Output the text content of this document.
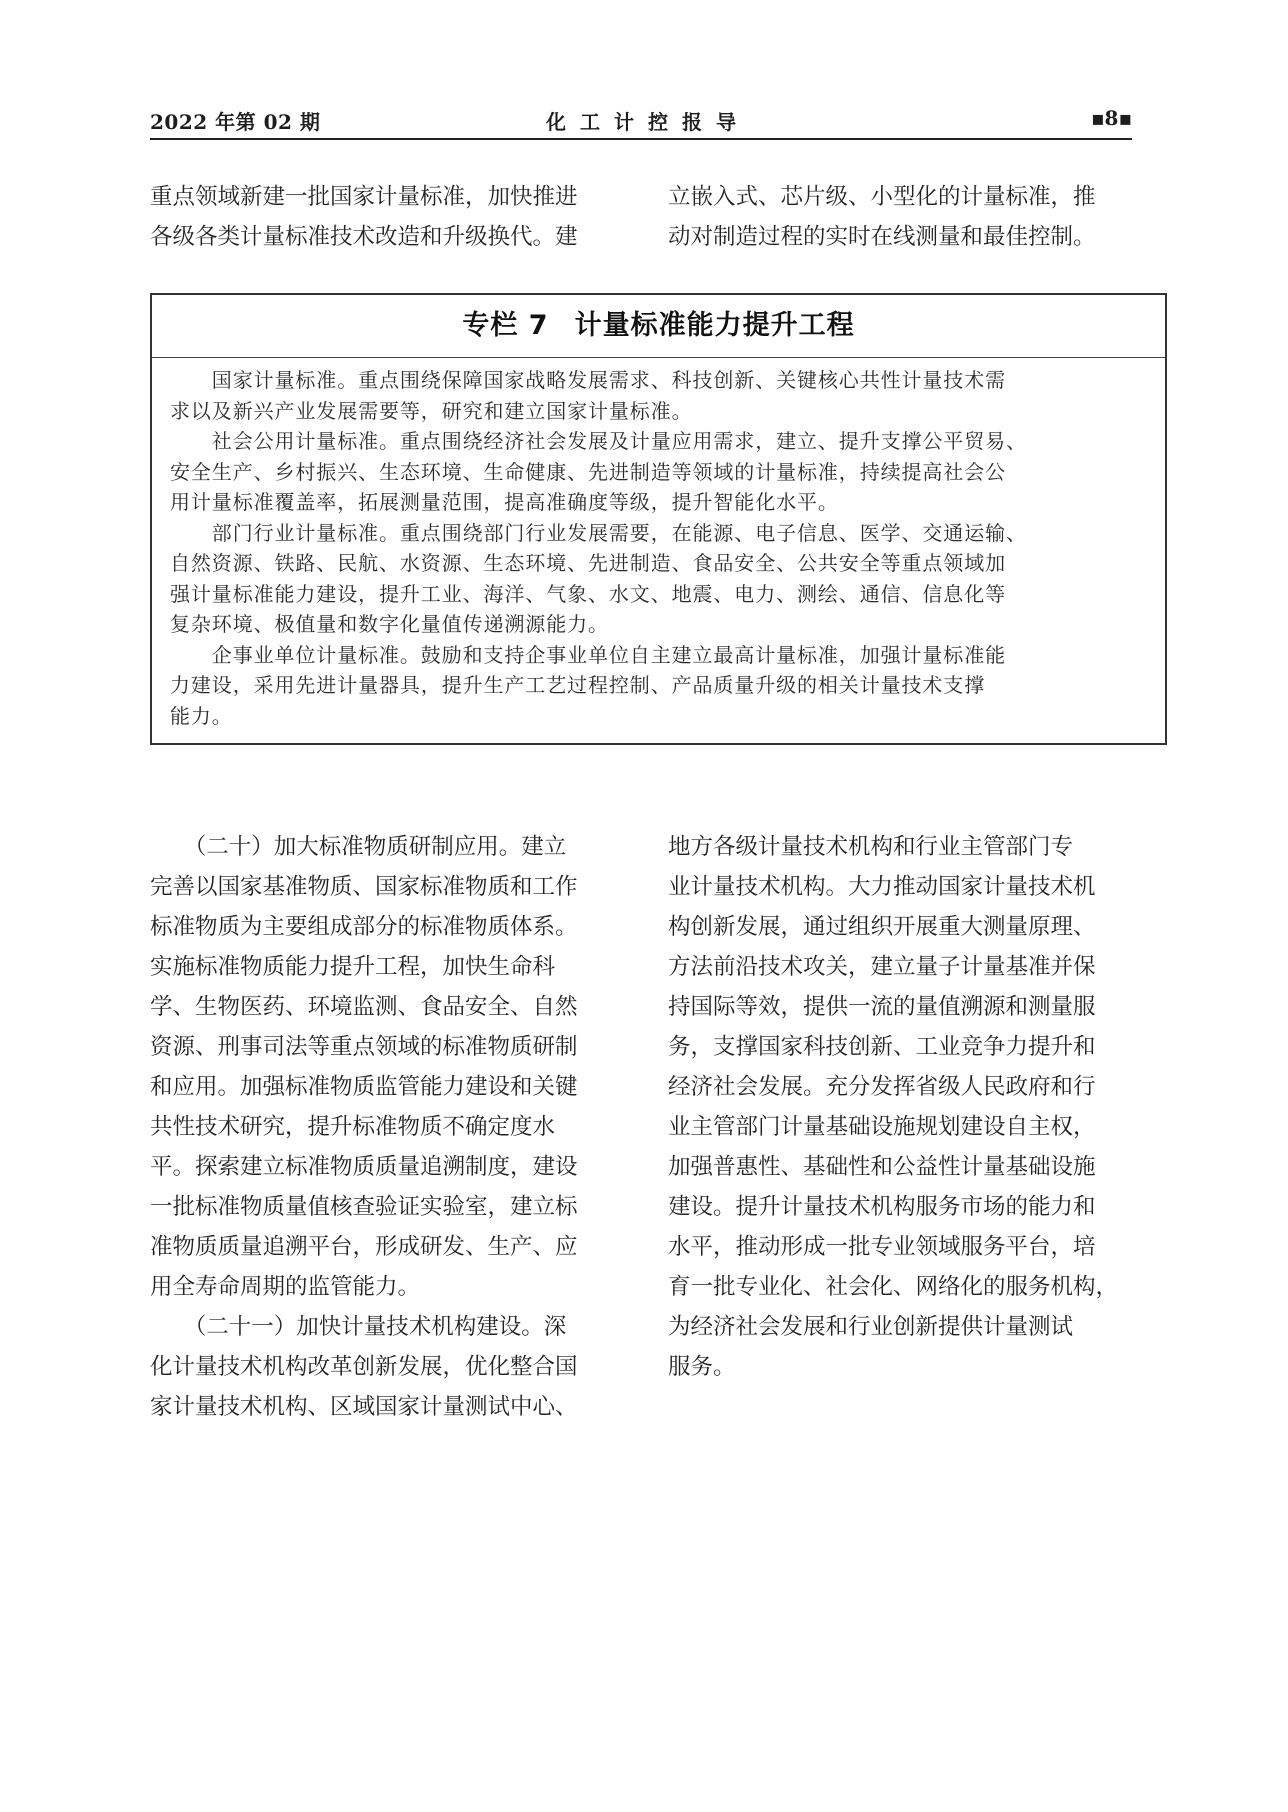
2022 年第 02 期	化工计控报导	▪8▪

重点领域新建一批国家计量标准，加快推进

各级各类计量标准技术改造和升级换代。建

立嵌入式、芯片级、小型化的计量标准，推

动对制造过程的实时在线测量和最佳控制。

专栏 7 计量标准能力提升工程

　　国家计量标准。重点围绕保障国家战略发展需求、科技创新、关键核心共性计量技术需

求以及新兴产业发展需要等，研究和建立国家计量标准。

　　社会公用计量标准。重点围绕经济社会发展及计量应用需求，建立、提升支撑公平贸易、

安全生产、乡村振兴、生态环境、生命健康、先进制造等领域的计量标准，持续提高社会公

用计量标准覆盖率，拓展测量范围，提高准确度等级，提升智能化水平。

　　部门行业计量标准。重点围绕部门行业发展需要，在能源、电子信息、医学、交通运输、

自然资源、铁路、民航、水资源、生态环境、先进制造、食品安全、公共安全等重点领域加

强计量标准能力建设，提升工业、海洋、气象、水文、地震、电力、测绘、通信、信息化等

复杂环境、极值量和数字化量值传递溯源能力。

　　企事业单位计量标准。鼓励和支持企事业单位自主建立最高计量标准，加强计量标准能

力建设，采用先进计量器具，提升生产工艺过程控制、产品质量升级的相关计量技术支撑

能力。

　　（二十）加大标准物质研制应用。建立

完善以国家基准物质、国家标准物质和工作

标准物质为主要组成部分的标准物质体系。

实施标准物质能力提升工程，加快生命科

学、生物医药、环境监测、食品安全、自然

资源、刑事司法等重点领域的标准物质研制

和应用。加强标准物质监管能力建设和关键

共性技术研究，提升标准物质不确定度水

平。探索建立标准物质质量追溯制度，建设

一批标准物质量值核查验证实验室，建立标

准物质质量追溯平台，形成研发、生产、应

用全寿命周期的监管能力。

　　（二十一）加快计量技术机构建设。深

化计量技术机构改革创新发展，优化整合国

家计量技术机构、区域国家计量测试中心、

地方各级计量技术机构和行业主管部门专

业计量技术机构。大力推动国家计量技术机

构创新发展，通过组织开展重大测量原理、

方法前沿技术攻关，建立量子计量基准并保

持国际等效，提供一流的量值溯源和测量服

务，支撑国家科技创新、工业竞争力提升和

经济社会发展。充分发挥省级人民政府和行

业主管部门计量基础设施规划建设自主权，

加强普惠性、基础性和公益性计量基础设施

建设。提升计量技术机构服务市场的能力和

水平，推动形成一批专业领域服务平台，培

育一批专业化、社会化、网络化的服务机构，

为经济社会发展和行业创新提供计量测试

服务。
